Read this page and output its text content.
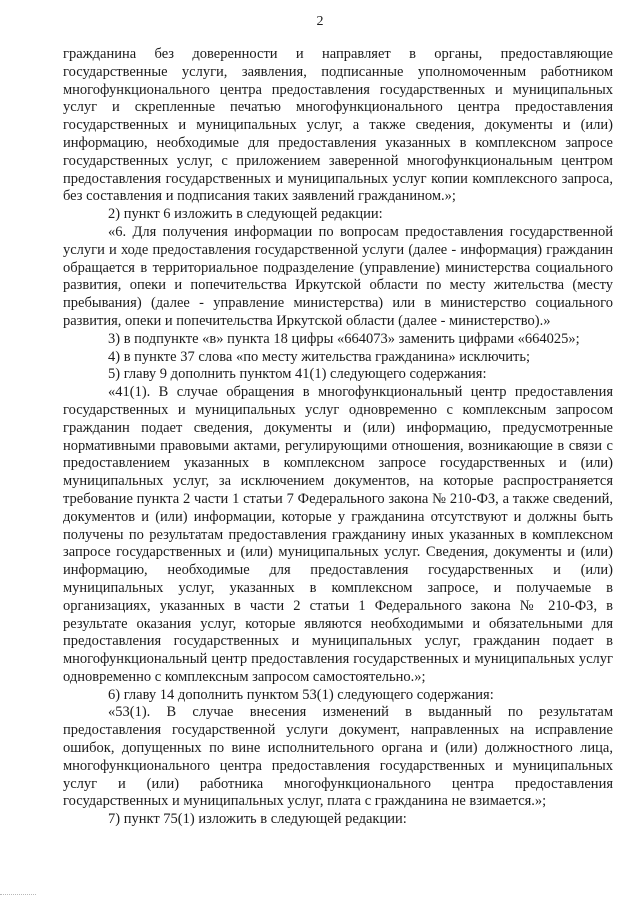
2

гражданина без доверенности и направляет в органы, предоставляющие государственные услуги, заявления, подписанные уполномоченным работником многофункционального центра предоставления государственных и муниципальных услуг и скрепленные печатью многофункционального центра предоставления государственных и муниципальных услуг, а также сведения, документы и (или) информацию, необходимые для предоставления указанных в комплексном запросе государственных услуг, с приложением заверенной многофункциональным центром предоставления государственных и муниципальных услуг копии комплексного запроса, без составления и подписания таких заявлений гражданином.»;

2) пункт 6 изложить в следующей редакции:

«6. Для получения информации по вопросам предоставления государственной услуги и ходе предоставления государственной услуги (далее - информация) гражданин обращается в территориальное подразделение (управление) министерства социального развития, опеки и попечительства Иркутской области по месту жительства (месту пребывания) (далее - управление министерства) или в министерство социального развития, опеки и попечительства Иркутской области (далее - министерство).»

3) в подпункте «в» пункта 18 цифры «664073» заменить цифрами «664025»;

4) в пункте 37 слова «по месту жительства гражданина» исключить;

5) главу 9 дополнить пунктом 41(1) следующего содержания:

«41(1). В случае обращения в многофункциональный центр предоставления государственных и муниципальных услуг одновременно с комплексным запросом гражданин подает сведения, документы и (или) информацию, предусмотренные нормативными правовыми актами, регулирующими отношения, возникающие в связи с предоставлением указанных в комплексном запросе государственных и (или) муниципальных услуг, за исключением документов, на которые распространяется требование пункта 2 части 1 статьи 7 Федерального закона № 210-ФЗ, а также сведений, документов и (или) информации, которые у гражданина отсутствуют и должны быть получены по результатам предоставления гражданину иных указанных в комплексном запросе государственных и (или) муниципальных услуг. Сведения, документы и (или) информацию, необходимые для предоставления государственных и (или) муниципальных услуг, указанных в комплексном запросе, и получаемые в организациях, указанных в части 2 статьи 1 Федерального закона № 210-ФЗ, в результате оказания услуг, которые являются необходимыми и обязательными для предоставления государственных и муниципальных услуг, гражданин подает в многофункциональный центр предоставления государственных и муниципальных услуг одновременно с комплексным запросом самостоятельно.»;

6) главу 14 дополнить пунктом 53(1) следующего содержания:

«53(1). В случае внесения изменений в выданный по результатам предоставления государственной услуги документ, направленных на исправление ошибок, допущенных по вине исполнительного органа и (или) должностного лица, многофункционального центра предоставления государственных и муниципальных услуг и (или) работника многофункционального центра предоставления государственных и муниципальных услуг, плата с гражданина не взимается.»;

7) пункт 75(1) изложить в следующей редакции:
